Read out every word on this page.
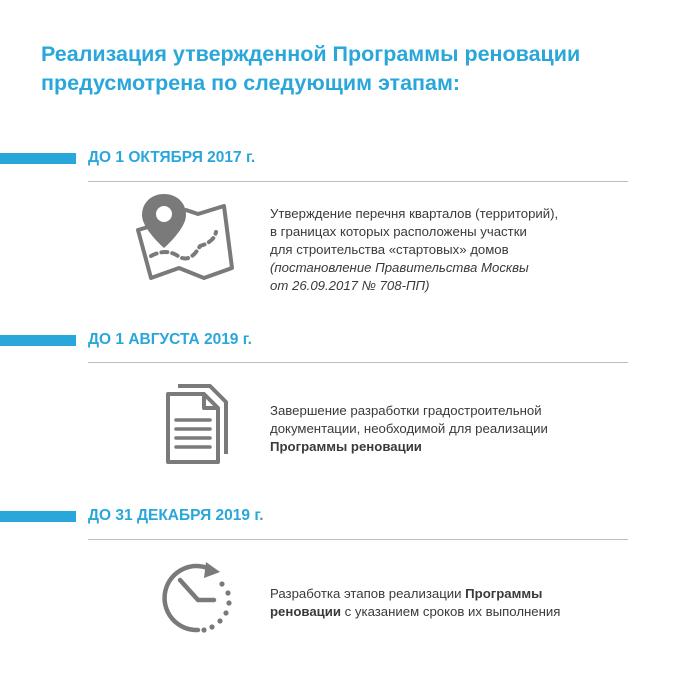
Реализация утвержденной Программы реновации
предусмотрена по следующим этапам:
ДО 1 ОКТЯБРЯ 2017 г.
Утверждение перечня кварталов (территорий),
в границах которых расположены участки
для строительства «стартовых» домов
(постановление Правительства Москвы
от 26.09.2017 № 708-ПП)
ДО 1 АВГУСТА 2019 г.
Завершение разработки градостроительной
документации, необходимой для реализации
Программы реновации
ДО 31 ДЕКАБРЯ 2019 г.
Разработка этапов реализации Программы
реновации с указанием сроков их выполнения
